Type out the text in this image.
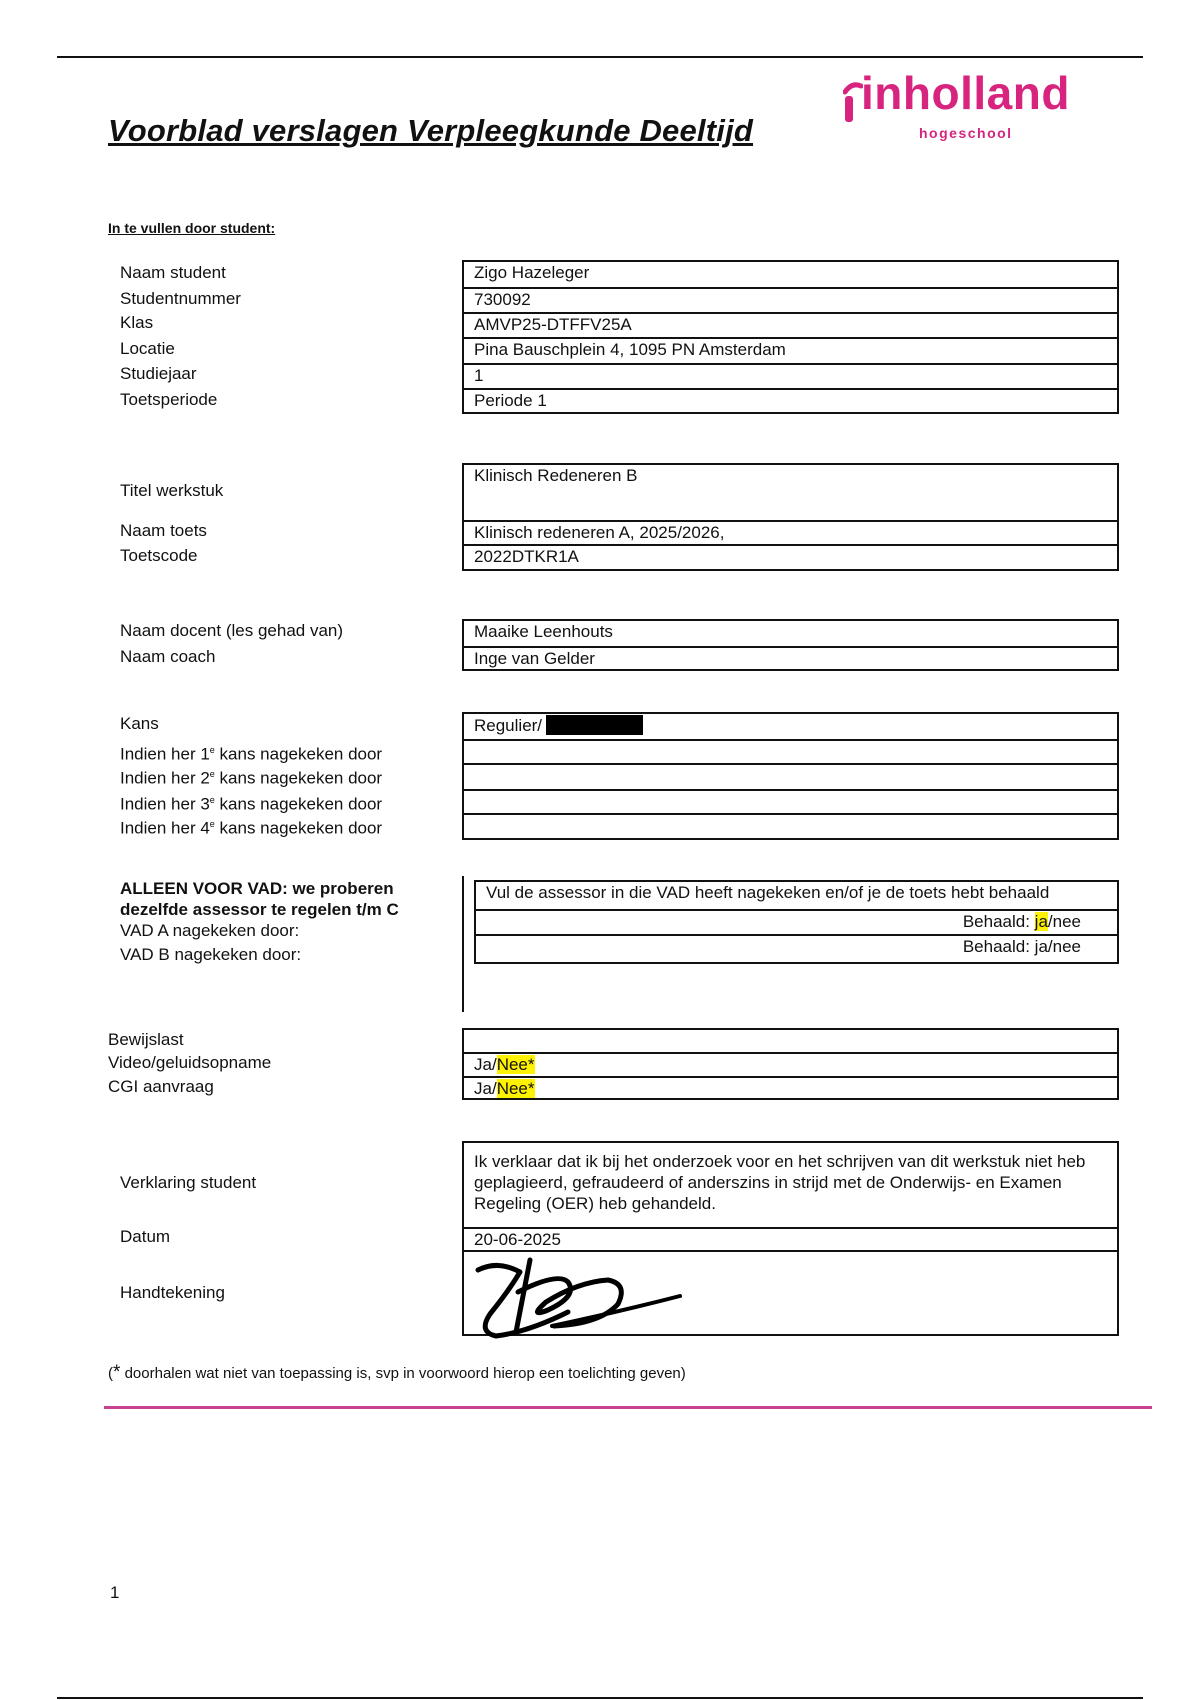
Voorblad verslagen Verpleegkunde Deeltijd
inholland
hogeschool
In te vullen door student:
Naam student
Studentnummer
Klas
Locatie
Studiejaar
Toetsperiode
Zigo Hazeleger
730092
AMVP25-DTFFV25A
Pina Bauschplein 4, 1095 PN Amsterdam
1
Periode 1
Titel werkstuk
Naam toets
Toetscode
Klinisch Redeneren B
Klinisch redeneren A, 2025/2026,
2022DTKR1A
Naam docent (les gehad van)
Naam coach
Maaike Leenhouts
Inge van Gelder
Kans
Indien her 1e kans nagekeken door
Indien her 2e kans nagekeken door
Indien her 3e kans nagekeken door
Indien her 4e kans nagekeken door
Regulier/
ALLEEN VOOR VAD: we proberen
dezelfde assessor te regelen t/m C
VAD A nagekeken door:
VAD B nagekeken door:
Vul de assessor in die VAD heeft nagekeken en/of je de toets hebt behaald
Behaald: ja/nee
Behaald: ja/nee
Bewijslast
Video/geluidsopname
CGI aanvraag
Ja/Nee*
Ja/Nee*
Verklaring student
Datum
Handtekening
Ik verklaar dat ik bij het onderzoek voor en het schrijven van dit werkstuk niet heb geplagieerd, gefraudeerd of anderszins in strijd met de Onderwijs- en Examen Regeling (OER) heb gehandeld.
20-06-2025
(* doorhalen wat niet van toepassing is, svp in voorwoord hierop een toelichting geven)
1
